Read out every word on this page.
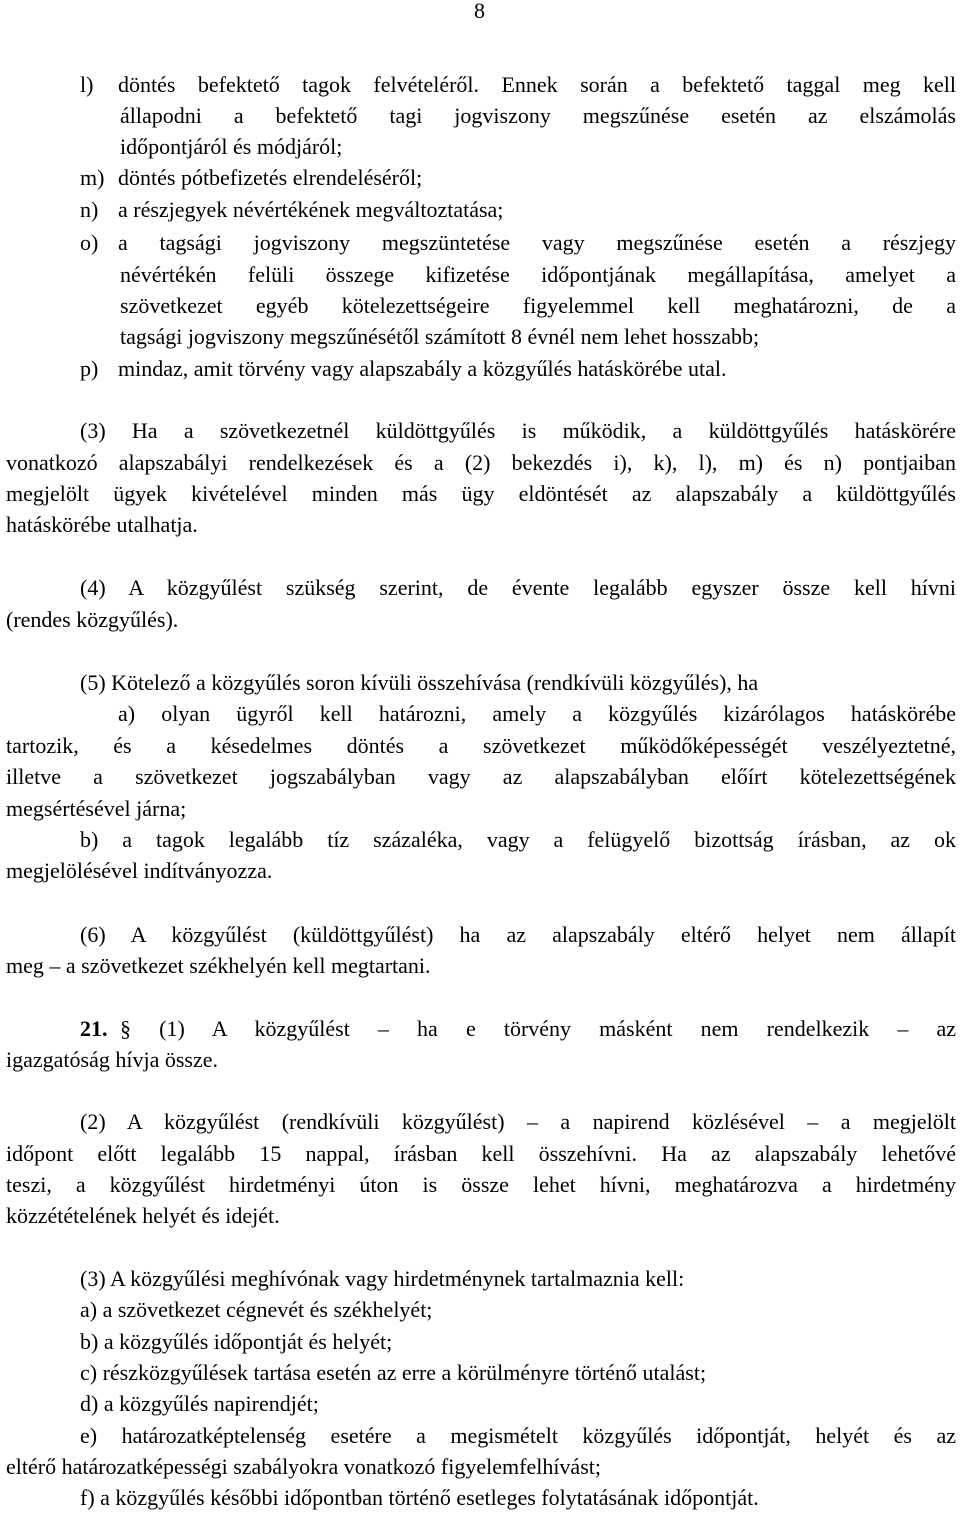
8
l) döntés befektető tagok felvételéről. Ennek során a befektető taggal meg kell
állapodni a befektető tagi jogviszony megszűnése esetén az elszámolás
időpontjáról és módjáról;
m) döntés pótbefizetés elrendeléséről;
n) a részjegyek névértékének megváltoztatása;
o) a tagsági jogviszony megszüntetése vagy megszűnése esetén a részjegy
névértékén felüli összege kifizetése időpontjának megállapítása, amelyet a
szövetkezet egyéb kötelezettségeire figyelemmel kell meghatározni, de a
tagsági jogviszony megszűnésétől számított 8 évnél nem lehet hosszabb;
p) mindaz, amit törvény vagy alapszabály a közgyűlés hatáskörébe utal.
(3) Ha a szövetkezetnél küldöttgyűlés is működik, a küldöttgyűlés hatáskörére
vonatkozó alapszabályi rendelkezések és a (2) bekezdés i), k), l), m) és n) pontjaiban
megjelölt ügyek kivételével minden más ügy eldöntését az alapszabály a küldöttgyűlés
hatáskörébe utalhatja.
(4) A közgyűlést szükség szerint, de évente legalább egyszer össze kell hívni
(rendes közgyűlés).
(5) Kötelező a közgyűlés soron kívüli összehívása (rendkívüli közgyűlés), ha
a) olyan ügyről kell határozni, amely a közgyűlés kizárólagos hatáskörébe
tartozik, és a késedelmes döntés a szövetkezet működőképességét veszélyeztetné,
illetve a szövetkezet jogszabályban vagy az alapszabályban előírt kötelezettségének
megsértésével járna;
b) a tagok legalább tíz százaléka, vagy a felügyelő bizottság írásban, az ok
megjelölésével indítványozza.
(6) A közgyűlést (küldöttgyűlést) ha az alapszabály eltérő helyet nem állapít
meg – a szövetkezet székhelyén kell megtartani.
21. § (1) A közgyűlést – ha e törvény másként nem rendelkezik – az
igazgatóság hívja össze.
(2) A közgyűlést (rendkívüli közgyűlést) – a napirend közlésével – a megjelölt
időpont előtt legalább 15 nappal, írásban kell összehívni. Ha az alapszabály lehetővé
teszi, a közgyűlést hirdetményi úton is össze lehet hívni, meghatározva a hirdetmény
közzétételének helyét és idejét.
(3) A közgyűlési meghívónak vagy hirdetménynek tartalmaznia kell:
a) a szövetkezet cégnevét és székhelyét;
b) a közgyűlés időpontját és helyét;
c) részközgyűlések tartása esetén az erre a körülményre történő utalást;
d) a közgyűlés napirendjét;
e) határozatképtelenség esetére a megismételt közgyűlés időpontját, helyét és az
eltérő határozatképességi szabályokra vonatkozó figyelemfelhívást;
f) a közgyűlés későbbi időpontban történő esetleges folytatásának időpontját.
